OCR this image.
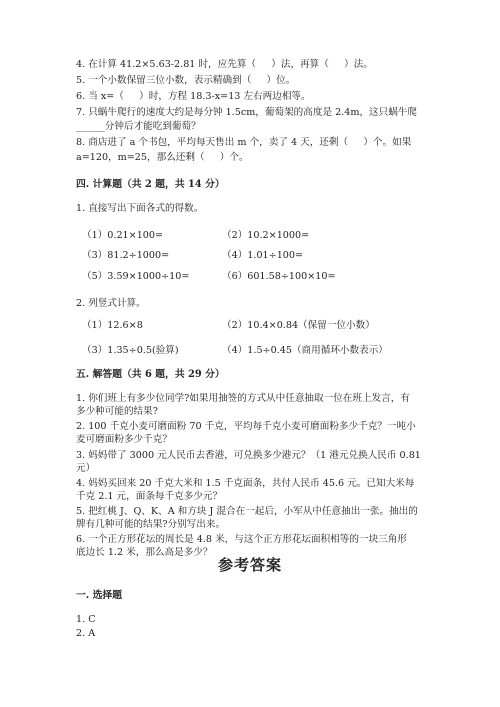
4. 在计算 41.2×5.63-2.81 时，应先算（     ）法，再算（     ）法。

5. 一个小数保留三位小数，表示精确到（     ）位。

6. 当 x=（     ）时，方程 18.3-x=13 左右两边相等。

7. 只蜗牛爬行的速度大约是每分钟 1.5cm，葡萄架的高度是 2.4m，这只蜗牛爬

______分钟后才能吃到葡萄？

8. 商店进了 a 个书包，平均每天售出 m 个，卖了 4 天，还剩（     ）个。如果

a=120，m=25，那么还剩（     ）个。

四. 计算题（共 2 题，共 14 分）

1. 直接写出下面各式的得数。

（1）0.21×100=	（2）10.2×1000=

（3）81.2÷1000=	（4）1.01÷100=

（5）3.59×1000÷10=	（6）601.58÷100×10=

2. 列竖式计算。

（1）12.6×8	（2）10.4×0.84（保留一位小数）

（3）1.35÷0.5(验算)	（4）1.5÷0.45（商用循环小数表示）

五. 解答题（共 6 题，共 29 分）

1. 你们班上有多少位同学?如果用抽签的方式从中任意抽取一位在班上发言，有

多少种可能的结果?

2. 100 千克小麦可磨面粉 70 千克，平均每千克小麦可磨面粉多少千克？一吨小

麦可磨面粉多少千克？

3. 妈妈带了 3000 元人民币去香港，可兑换多少港元？（1 港元兑换人民币 0.81

元）

4. 妈妈买回来 20 千克大米和 1.5 千克面条，共付人民币 45.6 元。已知大米每

千克 2.1 元，面条每千克多少元？

5. 把红桃 J、Q、K、A 和方块 J 混合在一起后，小军从中任意抽出一张。抽出的

牌有几种可能的结果?分别写出来。

6. 一个正方形花坛的周长是 4.8 米，与这个正方形花坛面积相等的一块三角形

底边长 1.2 米，那么高是多少？

参考答案

一. 选择题

1. C

2. A
